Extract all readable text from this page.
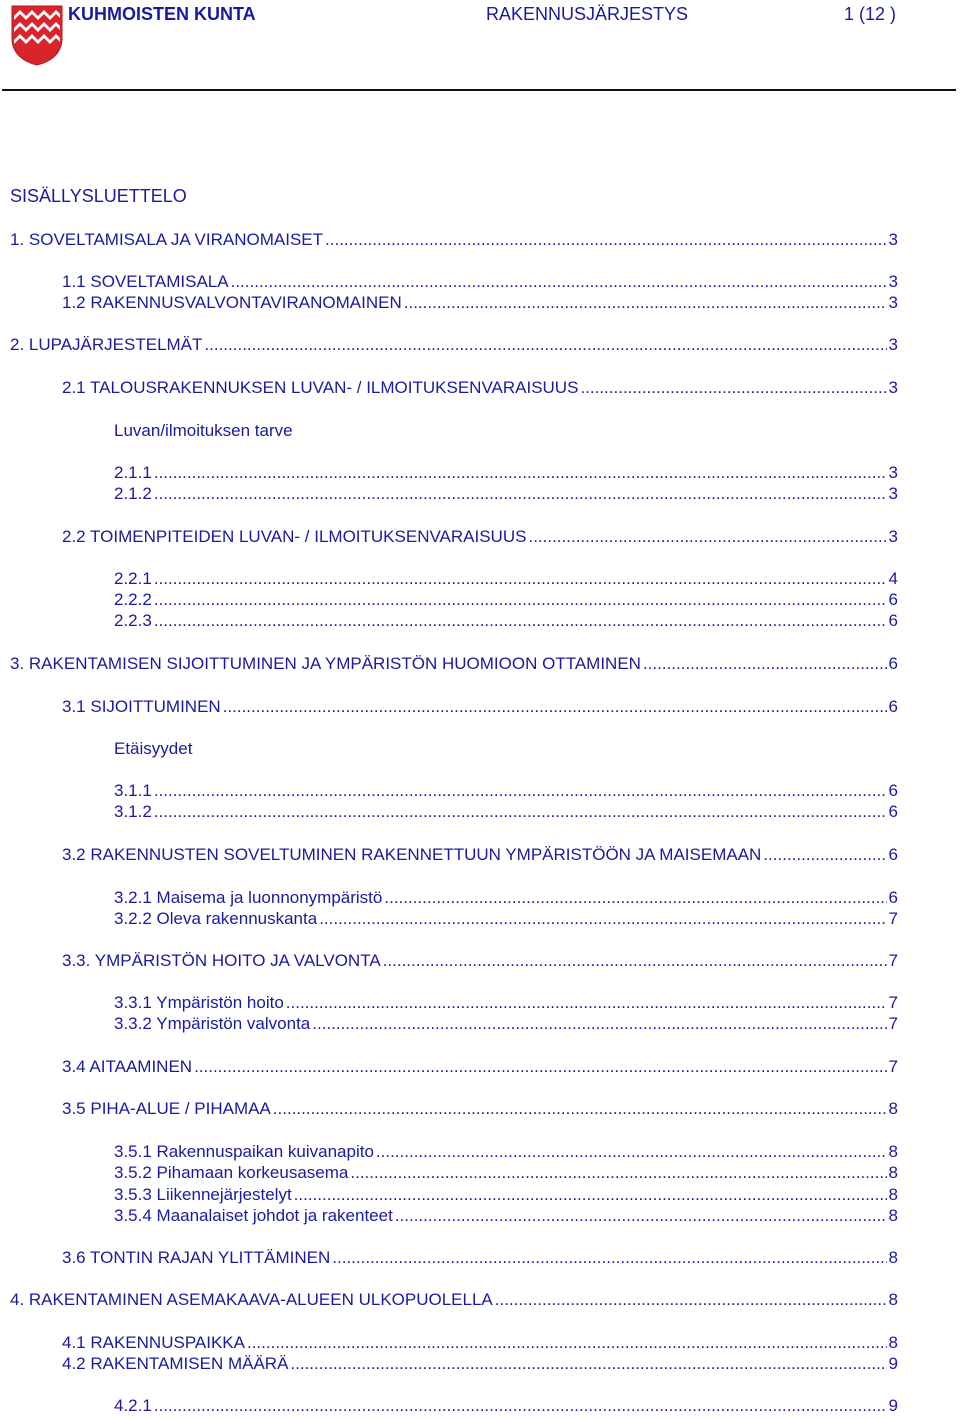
KUHMOISTEN KUNTA	RAKENNUSJÄRJESTYS	1 (12 )
SISÄLLYSLUETTELO
1. SOVELTAMISALA JA VIRANOMAISET .....	3
1.1 SOVELTAMISALA .....	3
1.2 RAKENNUSVALVONTAVIRANOMAINEN .....	3
2. LUPAJÄRJESTELMÄT .....	3
2.1 TALOUSRAKENNUKSEN LUVAN- / ILMOITUKSENVARAISUUS .....	3
Luvan/ilmoituksen tarve
2.1.1 .....	3
2.1.2 .....	3
2.2 TOIMENPITEIDEN LUVAN- / ILMOITUKSENVARAISUUS .....	3
2.2.1 .....	4
2.2.2 .....	6
2.2.3 .....	6
3. RAKENTAMISEN SIJOITTUMINEN JA YMPÄRISTÖN HUOMIOON OTTAMINEN .....	6
3.1 SIJOITTUMINEN .....	6
Etäisyydet
3.1.1 .....	6
3.1.2 .....	6
3.2 RAKENNUSTEN SOVELTUMINEN RAKENNETTUUN YMPÄRISTÖÖN JA MAISEMAAN .....	6
3.2.1 Maisema ja luonnonympäristö .....	6
3.2.2 Oleva rakennuskanta .....	7
3.3. YMPÄRISTÖN HOITO JA VALVONTA .....	7
3.3.1 Ympäristön hoito .....	7
3.3.2 Ympäristön valvonta .....	7
3.4 AITAAMINEN .....	7
3.5 PIHA-ALUE / PIHAMAA .....	8
3.5.1 Rakennuspaikan kuivanapito .....	8
3.5.2 Pihamaan korkeusasema .....	8
3.5.3 Liikennejärjestelyt .....	8
3.5.4 Maanalaiset johdot ja rakenteet .....	8
3.6 TONTIN RAJAN YLITTÄMINEN .....	8
4. RAKENTAMINEN ASEMAKAAVA-ALUEEN ULKOPUOLELLA .....	8
4.1 RAKENNUSPAIKKA .....	8
4.2 RAKENTAMISEN MÄÄRÄ .....	9
4.2.1 .....	9
